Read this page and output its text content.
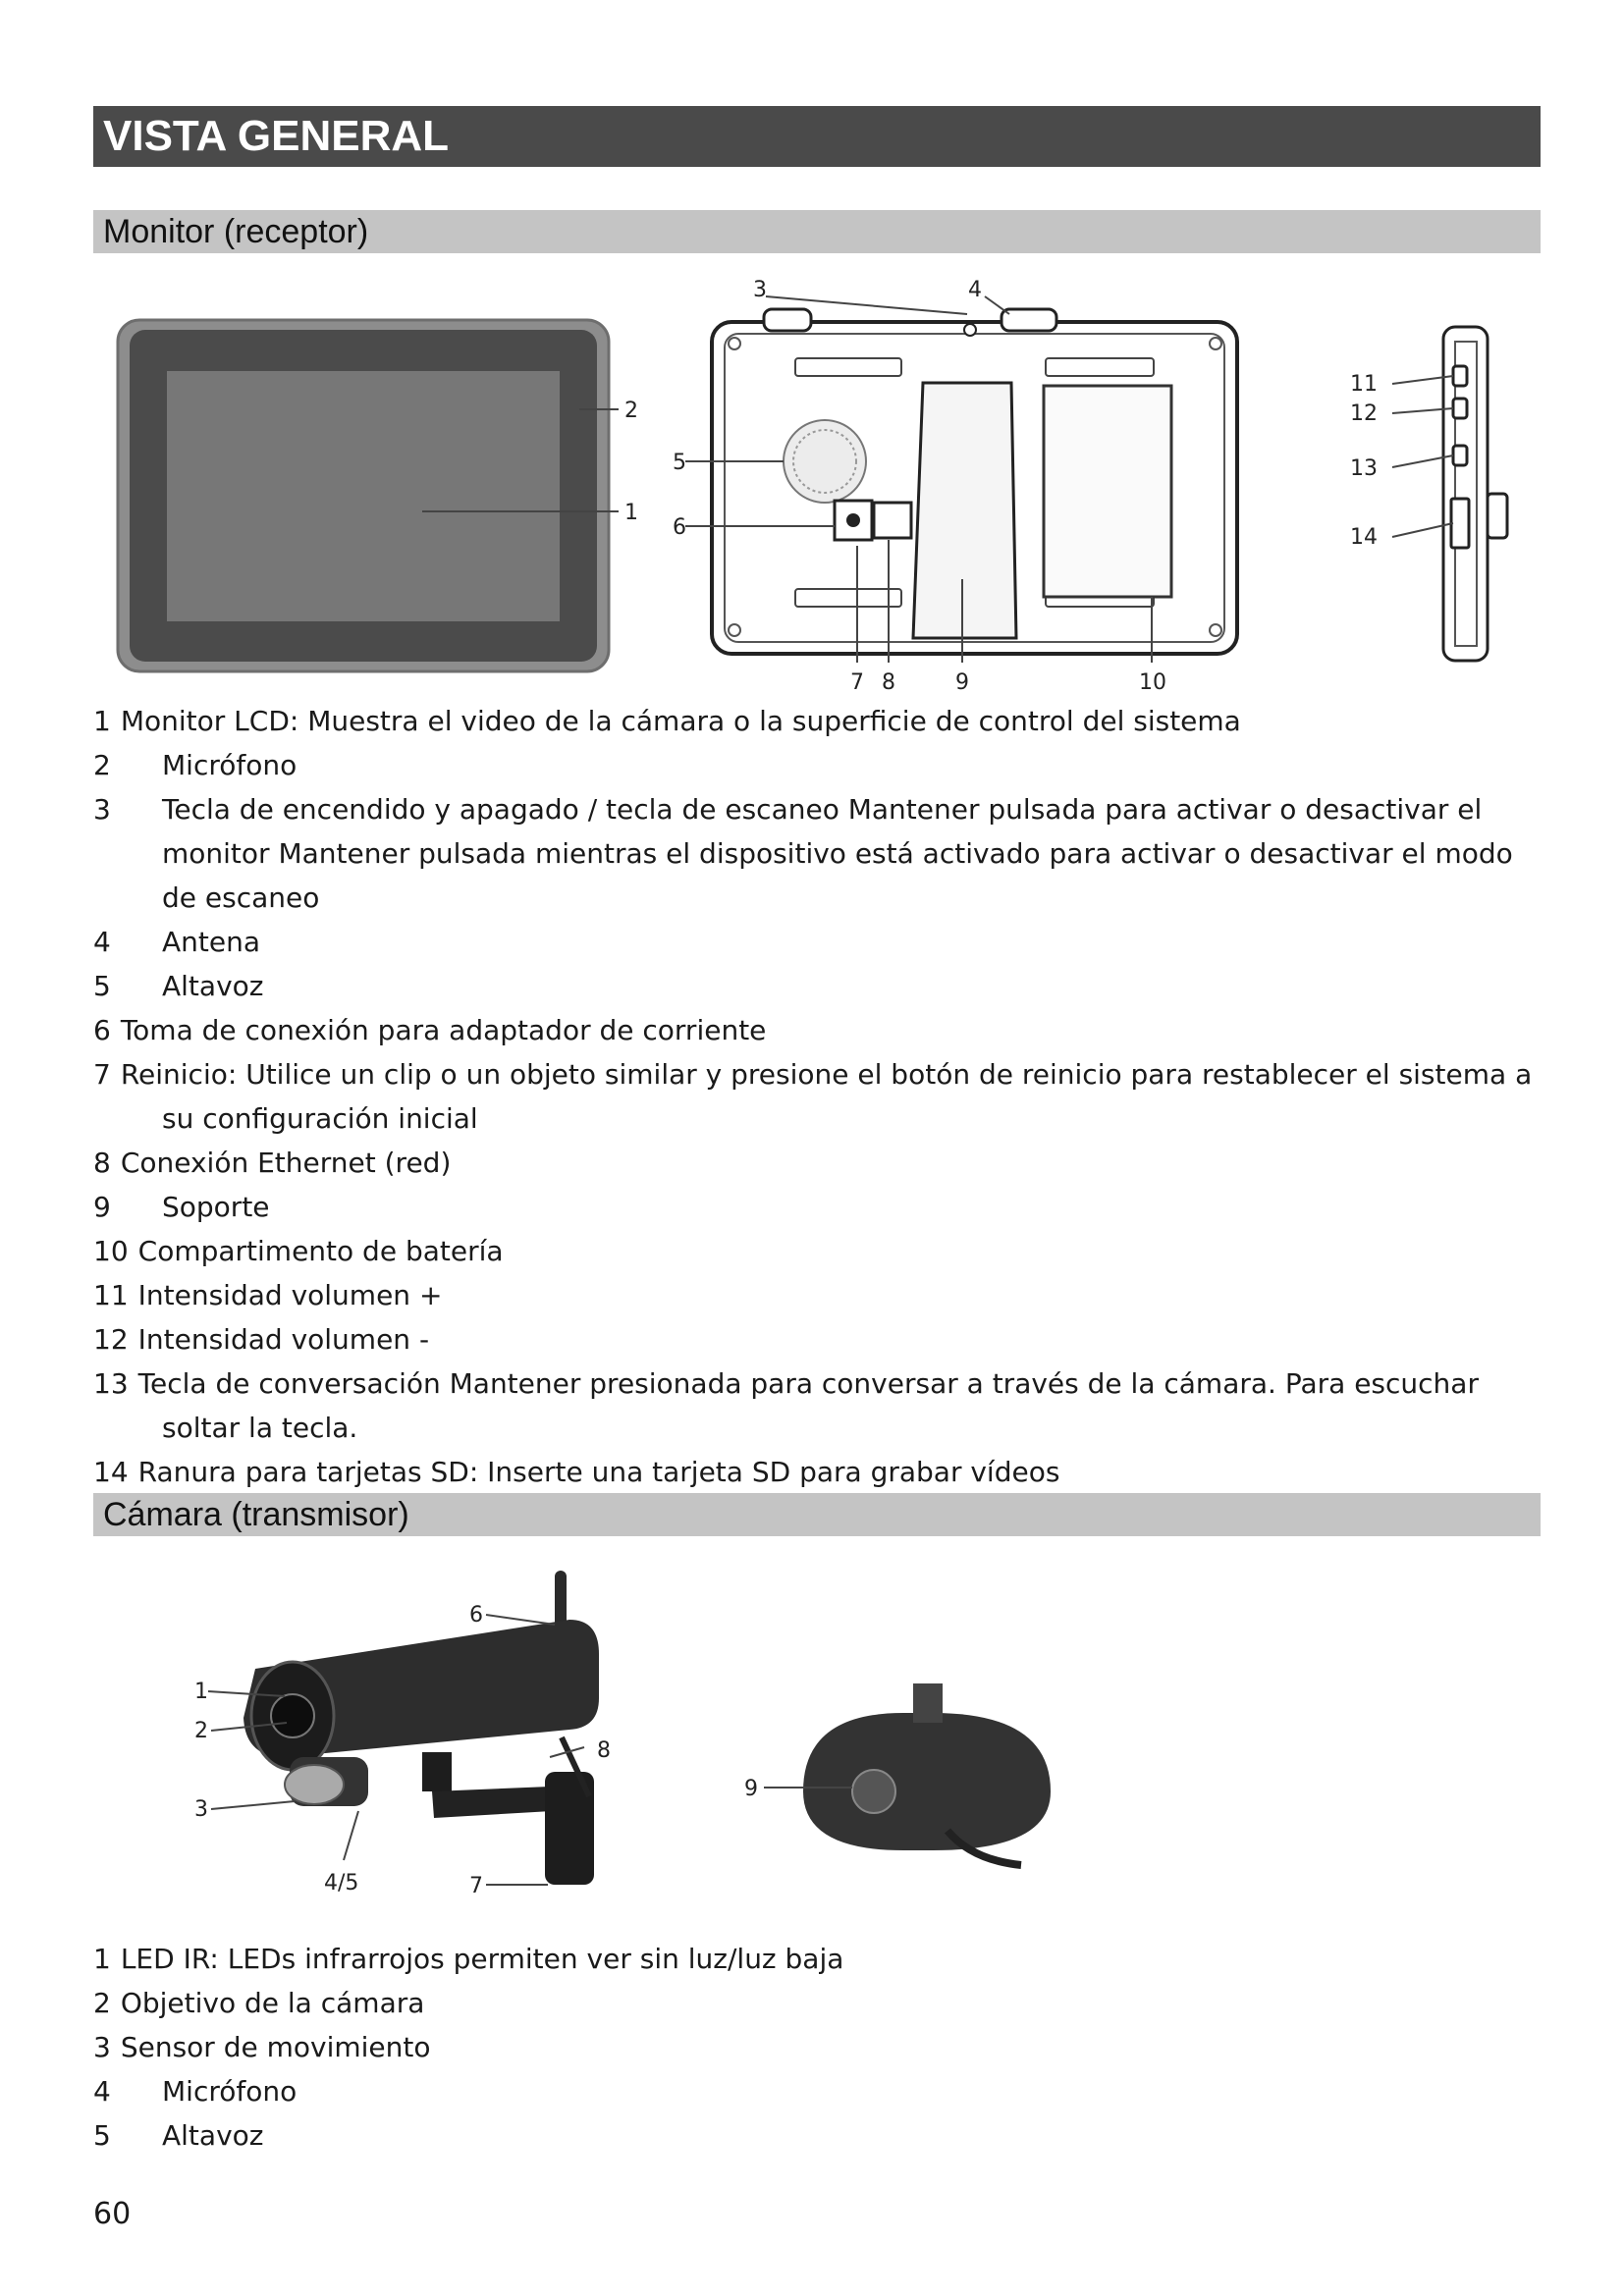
VISTA GENERAL
Monitor (receptor)
1
2
3	4
5
6
7 8	9	10
11
12
13
14
1 Monitor LCD: Muestra el video de la cámara o la superficie de control del sistema
2	Micrófono
3	Tecla de encendido y apagado / tecla de escaneo Mantener pulsada para activar o desactivar el monitor Mantener pulsada mientras el dispositivo está activado para activar o desactivar el modo de escaneo
4	Antena
5	Altavoz
6 Toma de conexión para adaptador de corriente
7 Reinicio: Utilice un clip o un objeto similar y presione el botón de reinicio para restablecer el sistema a
su configuración inicial
8 Conexión Ethernet (red)
9	Soporte
10 Compartimento de batería
11 Intensidad volumen +
12 Intensidad volumen -
13 Tecla de conversación Mantener presionada para conversar a través de la cámara. Para escuchar
soltar la tecla.
14 Ranura para tarjetas SD: Inserte una tarjeta SD para grabar vídeos
Cámara (transmisor)
1
2
3
4/5
6
7
8
9
1 LED IR: LEDs infrarrojos permiten ver sin luz/luz baja
2 Objetivo de la cámara
3 Sensor de movimiento
4	Micrófono
5	Altavoz
60
